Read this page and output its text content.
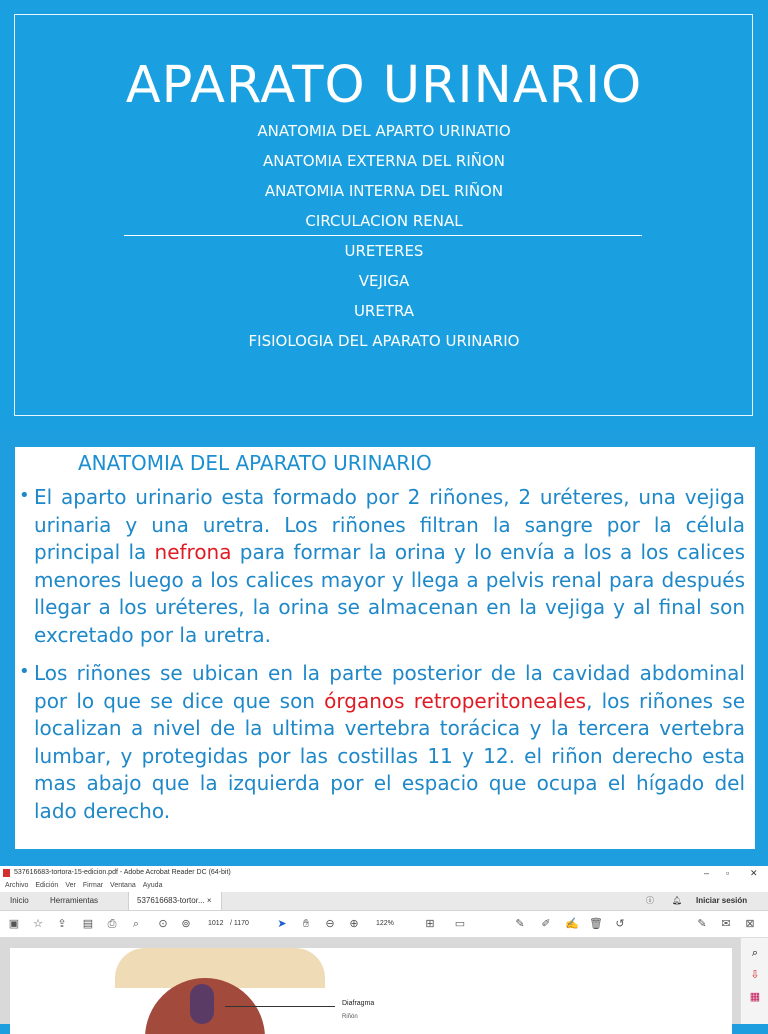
APARATO URINARIO
ANATOMIA DEL APARTO URINATIO
ANATOMIA EXTERNA DEL RIÑON
ANATOMIA INTERNA DEL RIÑON
CIRCULACION RENAL
URETERES
VEJIGA
URETRA
FISIOLOGIA DEL APARATO URINARIO
ANATOMIA DEL APARATO URINARIO
• El aparto urinario esta formado por 2 riñones, 2 uréteres, una vejiga urinaria y una uretra. Los riñones filtran la sangre por la célula principal la nefrona para formar la orina y lo envía a los a los calices menores luego a los calices mayor y llega a pelvis renal para después llegar a los uréteres, la orina se almacenan en la vejiga y al final son excretado por la uretra.
• Los riñones se ubican en la parte posterior de la cavidad abdominal por lo que se dice que son órganos retroperitoneales, los riñones se localizan a nivel de la ultima vertebra torácica y la tercera vertebra lumbar, y protegidas por las costillas 11 y 12. el riñon derecho esta mas abajo que la izquierda por el espacio que ocupa el hígado del lado derecho.
537616683-tortora-15-edicion.pdf - Adobe Acrobat Reader DC (64-bit)	– ▫ ✕
Archivo Edición Ver Firmar Ventana Ayuda
Inicio	Herramientas	537616683-tortor... ×	ⓘ 🔔︎ Iniciar sesión
▣ ☆	⇪	▤	⎙	⌕	⊙	⊚	1012 / 1170	➤	✋︎	⊖	⊕	122%	⊞	▭	✎	✐	✍ 🗑︎	↺	✎	✉	⊠
Diafragma
Riñón
⌕
⇩
▦
